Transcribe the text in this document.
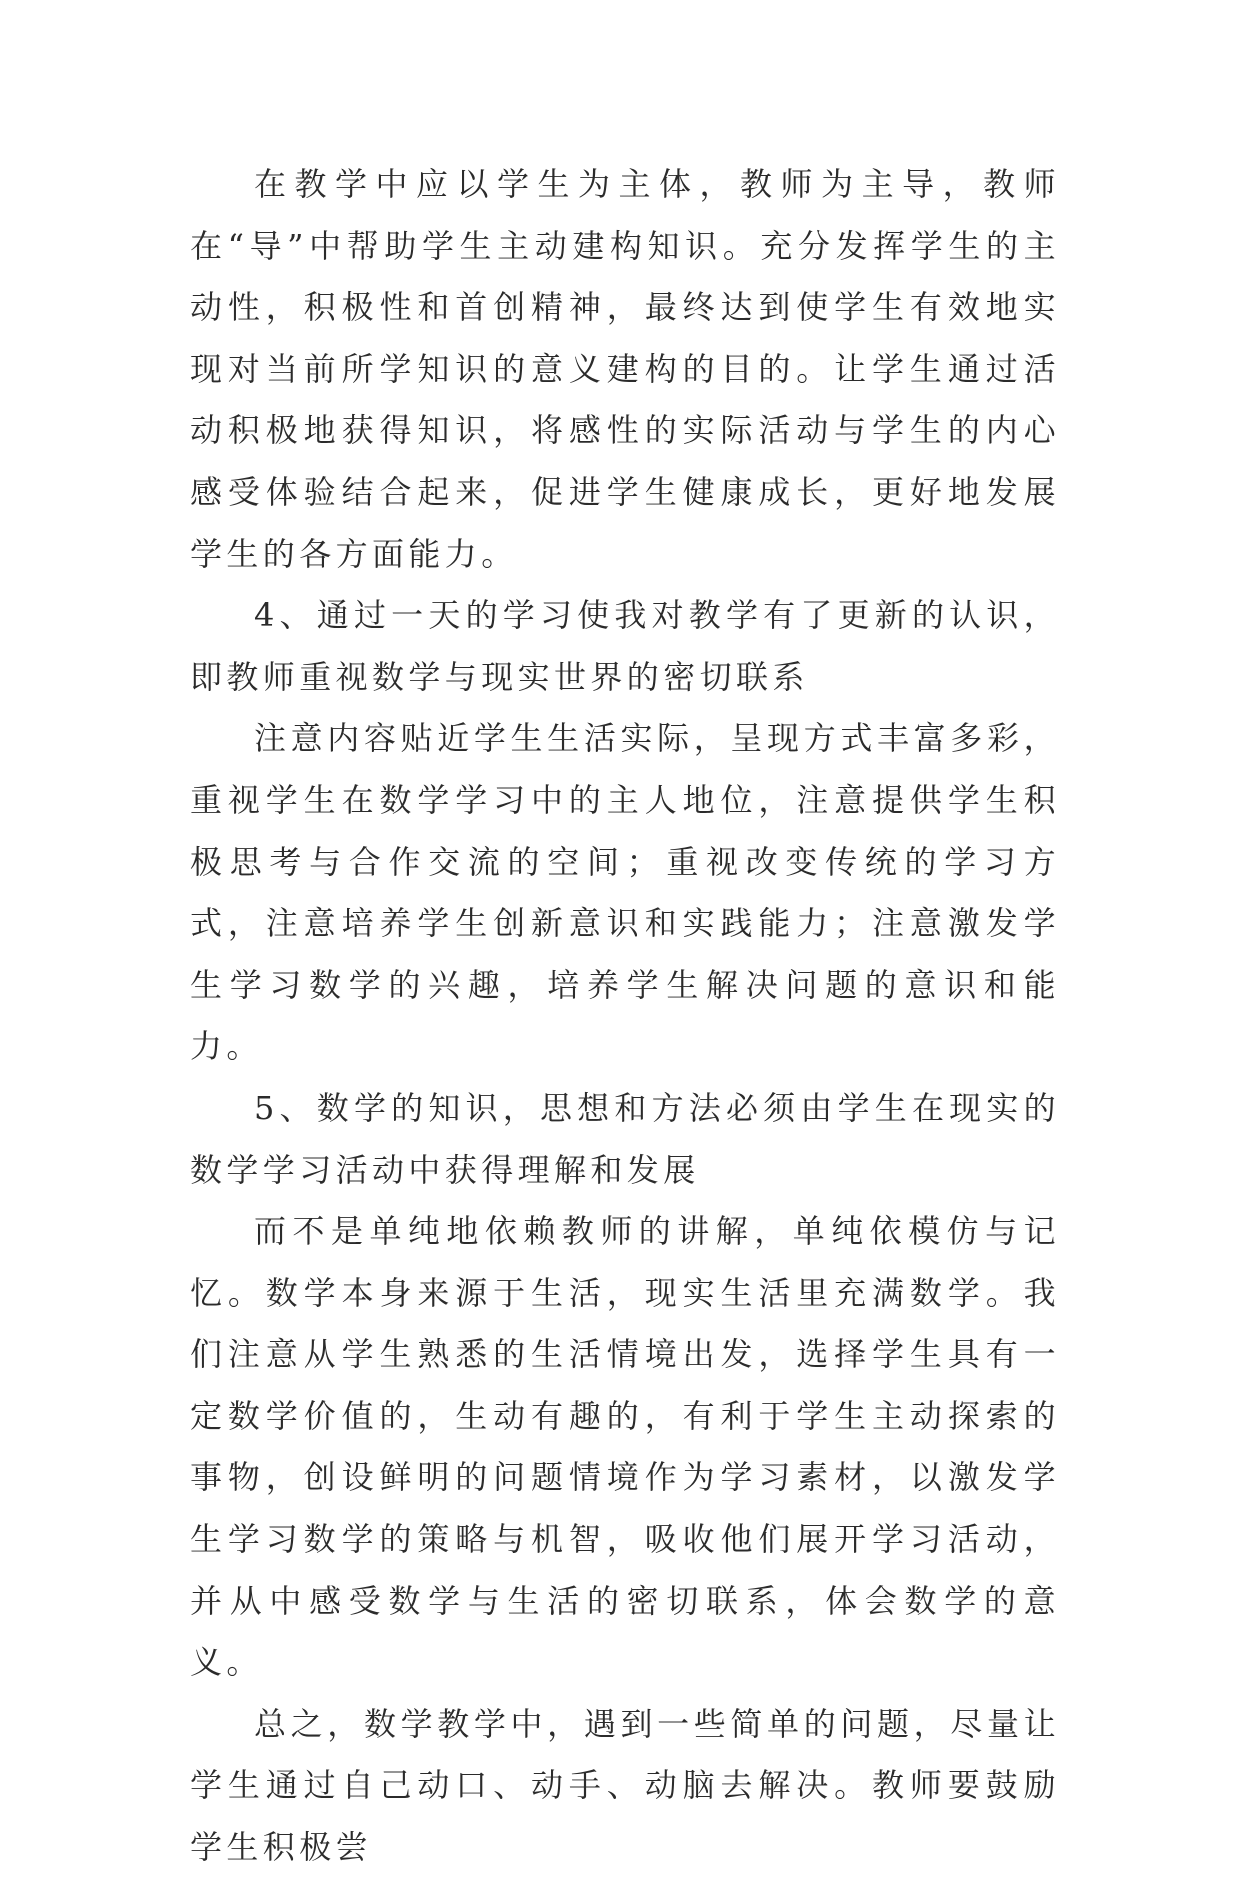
在教学中应以学生为主体，教师为主导，教师在“导”中帮助学生主动建构知识。充分发挥学生的主动性，积极性和首创精神，最终达到使学生有效地实现对当前所学知识的意义建构的目的。让学生通过活动积极地获得知识，将感性的实际活动与学生的内心感受体验结合起来，促进学生健康成长，更好地发展学生的各方面能力。

4、通过一天的学习使我对教学有了更新的认识，即教师重视数学与现实世界的密切联系

注意内容贴近学生生活实际，呈现方式丰富多彩，重视学生在数学学习中的主人地位，注意提供学生积极思考与合作交流的空间；重视改变传统的学习方式，注意培养学生创新意识和实践能力；注意激发学生学习数学的兴趣，培养学生解决问题的意识和能力。

5、数学的知识，思想和方法必须由学生在现实的数学学习活动中获得理解和发展

而不是单纯地依赖教师的讲解，单纯依模仿与记忆。数学本身来源于生活，现实生活里充满数学。我们注意从学生熟悉的生活情境出发，选择学生具有一定数学价值的，生动有趣的，有利于学生主动探索的事物，创设鲜明的问题情境作为学习素材，以激发学生学习数学的策略与机智，吸收他们展开学习活动，并从中感受数学与生活的密切联系，体会数学的意义。

总之，数学教学中，遇到一些简单的问题，尽量让学生通过自己动口、动手、动脑去解决。教师要鼓励学生积极尝
